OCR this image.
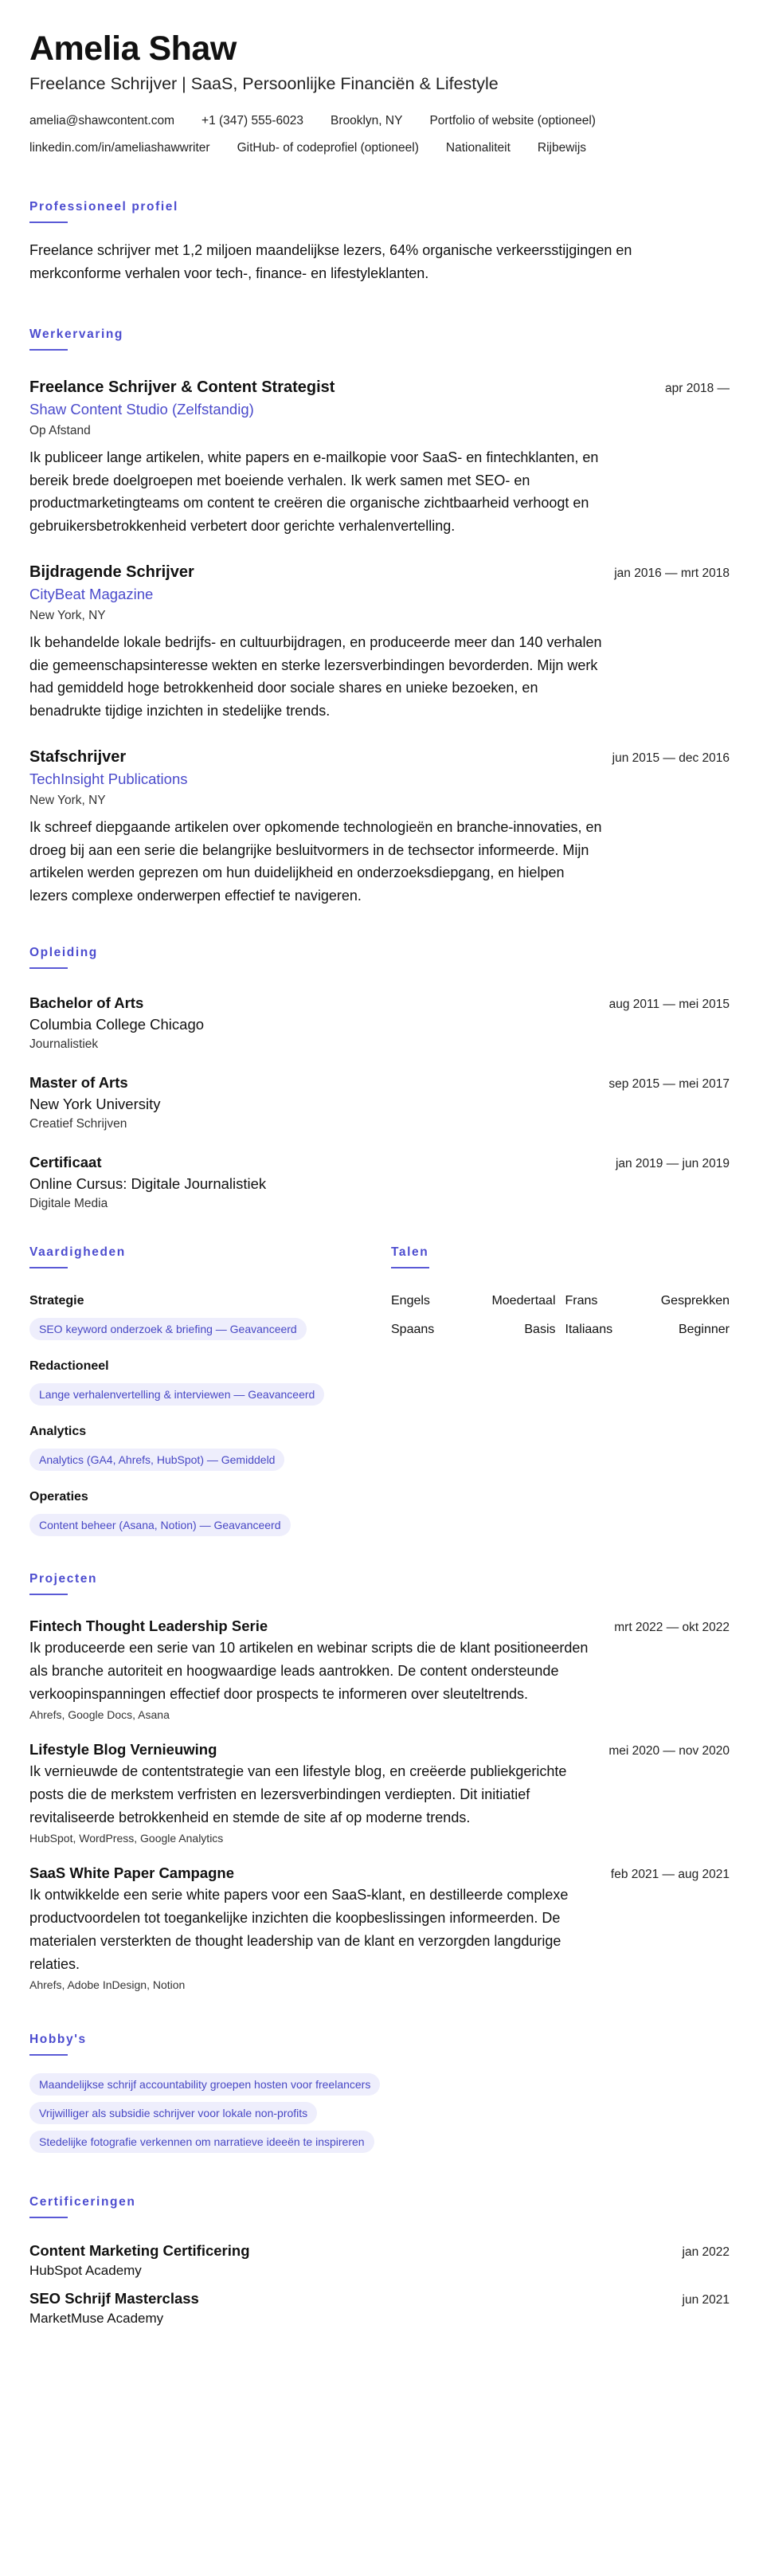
Amelia Shaw
Freelance Schrijver | SaaS, Persoonlijke Financiën & Lifestyle
amelia@shawcontent.com +1 (347) 555-6023 Brooklyn, NY Portfolio of website (optioneel)
linkedin.com/in/ameliashawwriter GitHub- of codeprofiel (optioneel) Nationaliteit Rijbewijs
Professioneel profiel
Freelance schrijver met 1,2 miljoen maandelijkse lezers, 64% organische verkeersstijgingen en merkconforme verhalen voor tech-, finance- en lifestyleklanten.
Werkervaring
Freelance Schrijver & Content Strategist	apr 2018 —
Shaw Content Studio (Zelfstandig)
Op Afstand
Ik publiceer lange artikelen, white papers en e-mailkopie voor SaaS- en fintechklanten, en bereik brede doelgroepen met boeiende verhalen. Ik werk samen met SEO- en productmarketingteams om content te creëren die organische zichtbaarheid verhoogt en gebruikersbetrokkenheid verbetert door gerichte verhalenvertelling.
Bijdragende Schrijver	jan 2016 — mrt 2018
CityBeat Magazine
New York, NY
Ik behandelde lokale bedrijfs- en cultuurbijdragen, en produceerde meer dan 140 verhalen die gemeenschapsinteresse wekten en sterke lezersverbindingen bevorderden. Mijn werk had gemiddeld hoge betrokkenheid door sociale shares en unieke bezoeken, en benadrukte tijdige inzichten in stedelijke trends.
Stafschrijver	jun 2015 — dec 2016
TechInsight Publications
New York, NY
Ik schreef diepgaande artikelen over opkomende technologieën en branche-innovaties, en droeg bij aan een serie die belangrijke besluitvormers in de techsector informeerde. Mijn artikelen werden geprezen om hun duidelijkheid en onderzoeksdiepgang, en hielpen lezers complexe onderwerpen effectief te navigeren.
Opleiding
Bachelor of Arts	aug 2011 — mei 2015
Columbia College Chicago
Journalistiek
Master of Arts	sep 2015 — mei 2017
New York University
Creatief Schrijven
Certificaat	jan 2019 — jun 2019
Online Cursus: Digitale Journalistiek
Digitale Media
Vaardigheden
Strategie
SEO keyword onderzoek & briefing — Geavanceerd
Redactioneel
Lange verhalenvertelling & interviewen — Geavanceerd
Analytics
Analytics (GA4, Ahrefs, HubSpot) — Gemiddeld
Operaties
Content beheer (Asana, Notion) — Geavanceerd
Talen
Engels	Moedertaal Frans	Gesprekken
Spaans	Basis Italiaans	Beginner
Projecten
Fintech Thought Leadership Serie	mrt 2022 — okt 2022
Ik produceerde een serie van 10 artikelen en webinar scripts die de klant positioneerden als branche autoriteit en hoogwaardige leads aantrokken. De content ondersteunde verkoopinspanningen effectief door prospects te informeren over sleuteltrends.
Ahrefs, Google Docs, Asana
Lifestyle Blog Vernieuwing	mei 2020 — nov 2020
Ik vernieuwde de contentstrategie van een lifestyle blog, en creëerde publiekgerichte posts die de merkstem verfristen en lezersverbindingen verdiepten. Dit initiatief revitaliseerde betrokkenheid en stemde de site af op moderne trends.
HubSpot, WordPress, Google Analytics
SaaS White Paper Campagne	feb 2021 — aug 2021
Ik ontwikkelde een serie white papers voor een SaaS-klant, en destilleerde complexe productvoordelen tot toegankelijke inzichten die koopbeslissingen informeerden. De materialen versterkten de thought leadership van de klant en verzorgden langdurige relaties.
Ahrefs, Adobe InDesign, Notion
Hobby's
Maandelijkse schrijf accountability groepen hosten voor freelancers
Vrijwilliger als subsidie schrijver voor lokale non-profits
Stedelijke fotografie verkennen om narratieve ideeën te inspireren
Certificeringen
Content Marketing Certificering	jan 2022
HubSpot Academy
SEO Schrijf Masterclass	jun 2021
MarketMuse Academy
